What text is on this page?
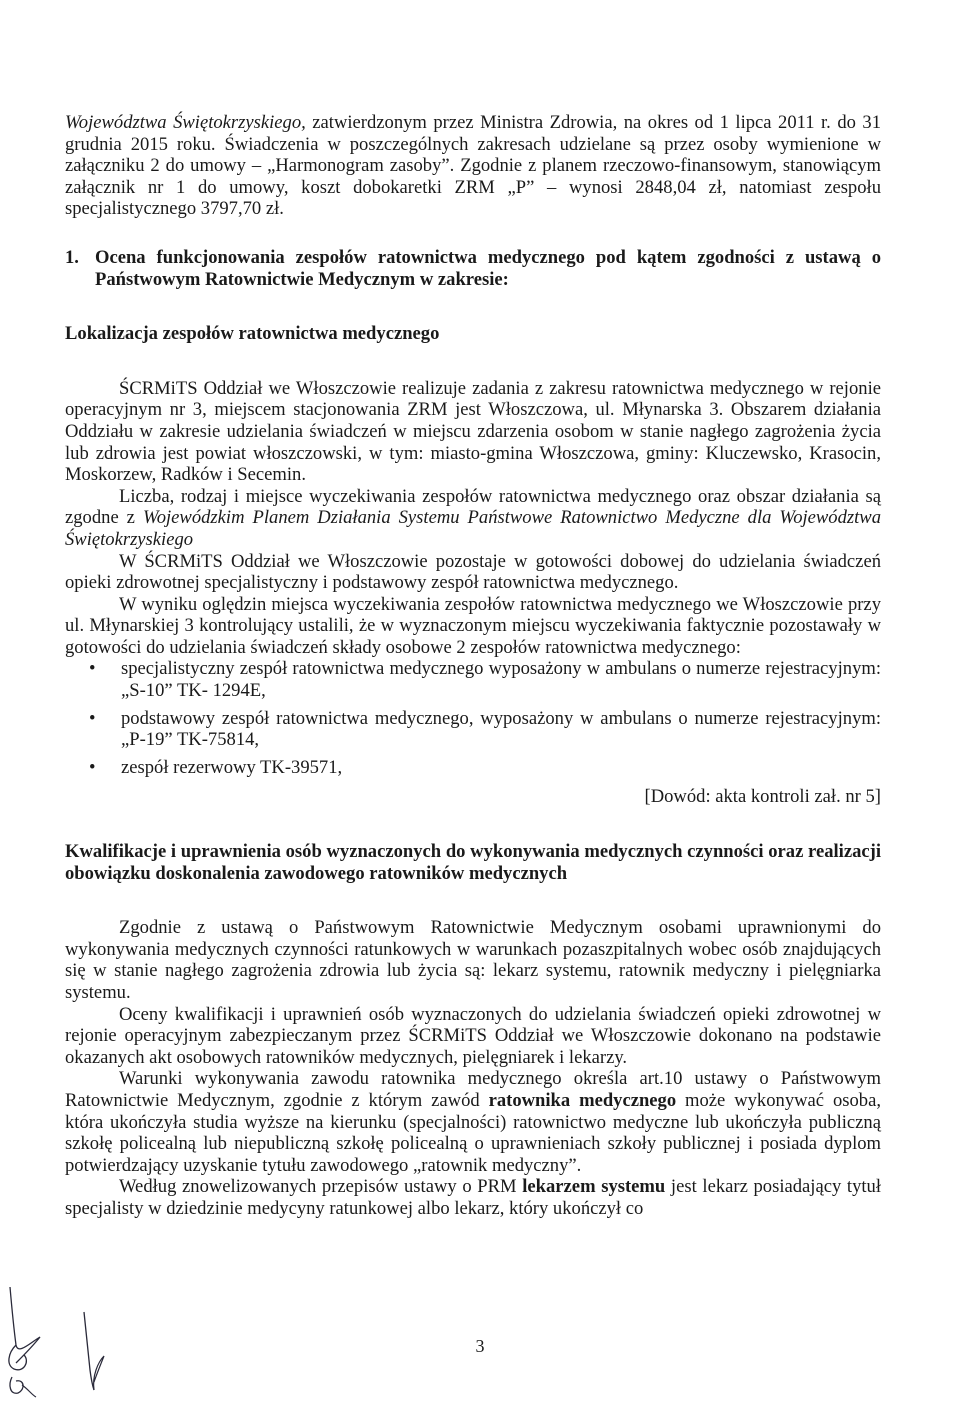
Województwa Świętokrzyskiego, zatwierdzonym przez Ministra Zdrowia, na okres od 1 lipca 2011 r. do 31 grudnia 2015 roku. Świadczenia w poszczególnych zakresach udzielane są przez osoby wymienione w załączniku 2 do umowy – „Harmonogram zasoby”. Zgodnie z planem rzeczowo-finansowym, stanowiącym załącznik nr 1 do umowy, koszt dobokaretki ZRM „P” – wynosi 2848,04 zł, natomiast zespołu specjalistycznego 3797,70 zł.

1. Ocena funkcjonowania zespołów ratownictwa medycznego pod kątem zgodności z ustawą o Państwowym Ratownictwie Medycznym w zakresie:

Lokalizacja zespołów ratownictwa medycznego

ŚCRMiTS Oddział we Włoszczowie realizuje zadania z zakresu ratownictwa medycznego w rejonie operacyjnym nr 3, miejscem stacjonowania ZRM jest Włoszczowa, ul. Młynarska 3. Obszarem działania Oddziału w zakresie udzielania świadczeń w miejscu zdarzenia osobom w stanie nagłego zagrożenia życia lub zdrowia jest powiat włoszczowski, w tym: miasto-gmina Włoszczowa, gminy: Kluczewsko, Krasocin, Moskorzew, Radków i Secemin.

Liczba, rodzaj i miejsce wyczekiwania zespołów ratownictwa medycznego oraz obszar działania są zgodne z Wojewódzkim Planem Działania Systemu Państwowe Ratownictwo Medyczne dla Województwa Świętokrzyskiego

W ŚCRMiTS Oddział we Włoszczowie pozostaje w gotowości dobowej do udzielania świadczeń opieki zdrowotnej specjalistyczny i podstawowy zespół ratownictwa medycznego.

W wyniku oględzin miejsca wyczekiwania zespołów ratownictwa medycznego we Włoszczowie przy ul. Młynarskiej 3 kontrolujący ustalili, że w wyznaczonym miejscu wyczekiwania faktycznie pozostawały w gotowości do udzielania świadczeń składy osobowe 2 zespołów ratownictwa medycznego:

• specjalistyczny zespół ratownictwa medycznego wyposażony w ambulans o numerze rejestracyjnym: „S-10” TK- 1294E,
• podstawowy zespół ratownictwa medycznego, wyposażony w ambulans o numerze rejestracyjnym: „P-19” TK-75814,
• zespół rezerwowy TK-39571,

[Dowód: akta kontroli zał. nr 5]

Kwalifikacje i uprawnienia osób wyznaczonych do wykonywania medycznych czynności oraz realizacji obowiązku doskonalenia zawodowego ratowników medycznych

Zgodnie z ustawą o Państwowym Ratownictwie Medycznym osobami uprawnionymi do wykonywania medycznych czynności ratunkowych w warunkach pozaszpitalnych wobec osób znajdujących się w stanie nagłego zagrożenia zdrowia lub życia są: lekarz systemu, ratownik medyczny i pielęgniarka systemu.

Oceny kwalifikacji i uprawnień osób wyznaczonych do udzielania świadczeń opieki zdrowotnej w rejonie operacyjnym zabezpieczanym przez ŚCRMiTS Oddział we Włoszczowie dokonano na podstawie okazanych akt osobowych ratowników medycznych, pielęgniarek i lekarzy.

Warunki wykonywania zawodu ratownika medycznego określa art.10 ustawy o Państwowym Ratownictwie Medycznym, zgodnie z którym zawód ratownika medycznego może wykonywać osoba, która ukończyła studia wyższe na kierunku (specjalności) ratownictwo medyczne lub ukończyła publiczną szkołę policealną lub niepubliczną szkołę policealną o uprawnieniach szkoły publicznej i posiada dyplom potwierdzający uzyskanie tytułu zawodowego „ratownik medyczny”.

Według znowelizowanych przepisów ustawy o PRM lekarzem systemu jest lekarz posiadający tytuł specjalisty w dziedzinie medycyny ratunkowej albo lekarz, który ukończył co

3
